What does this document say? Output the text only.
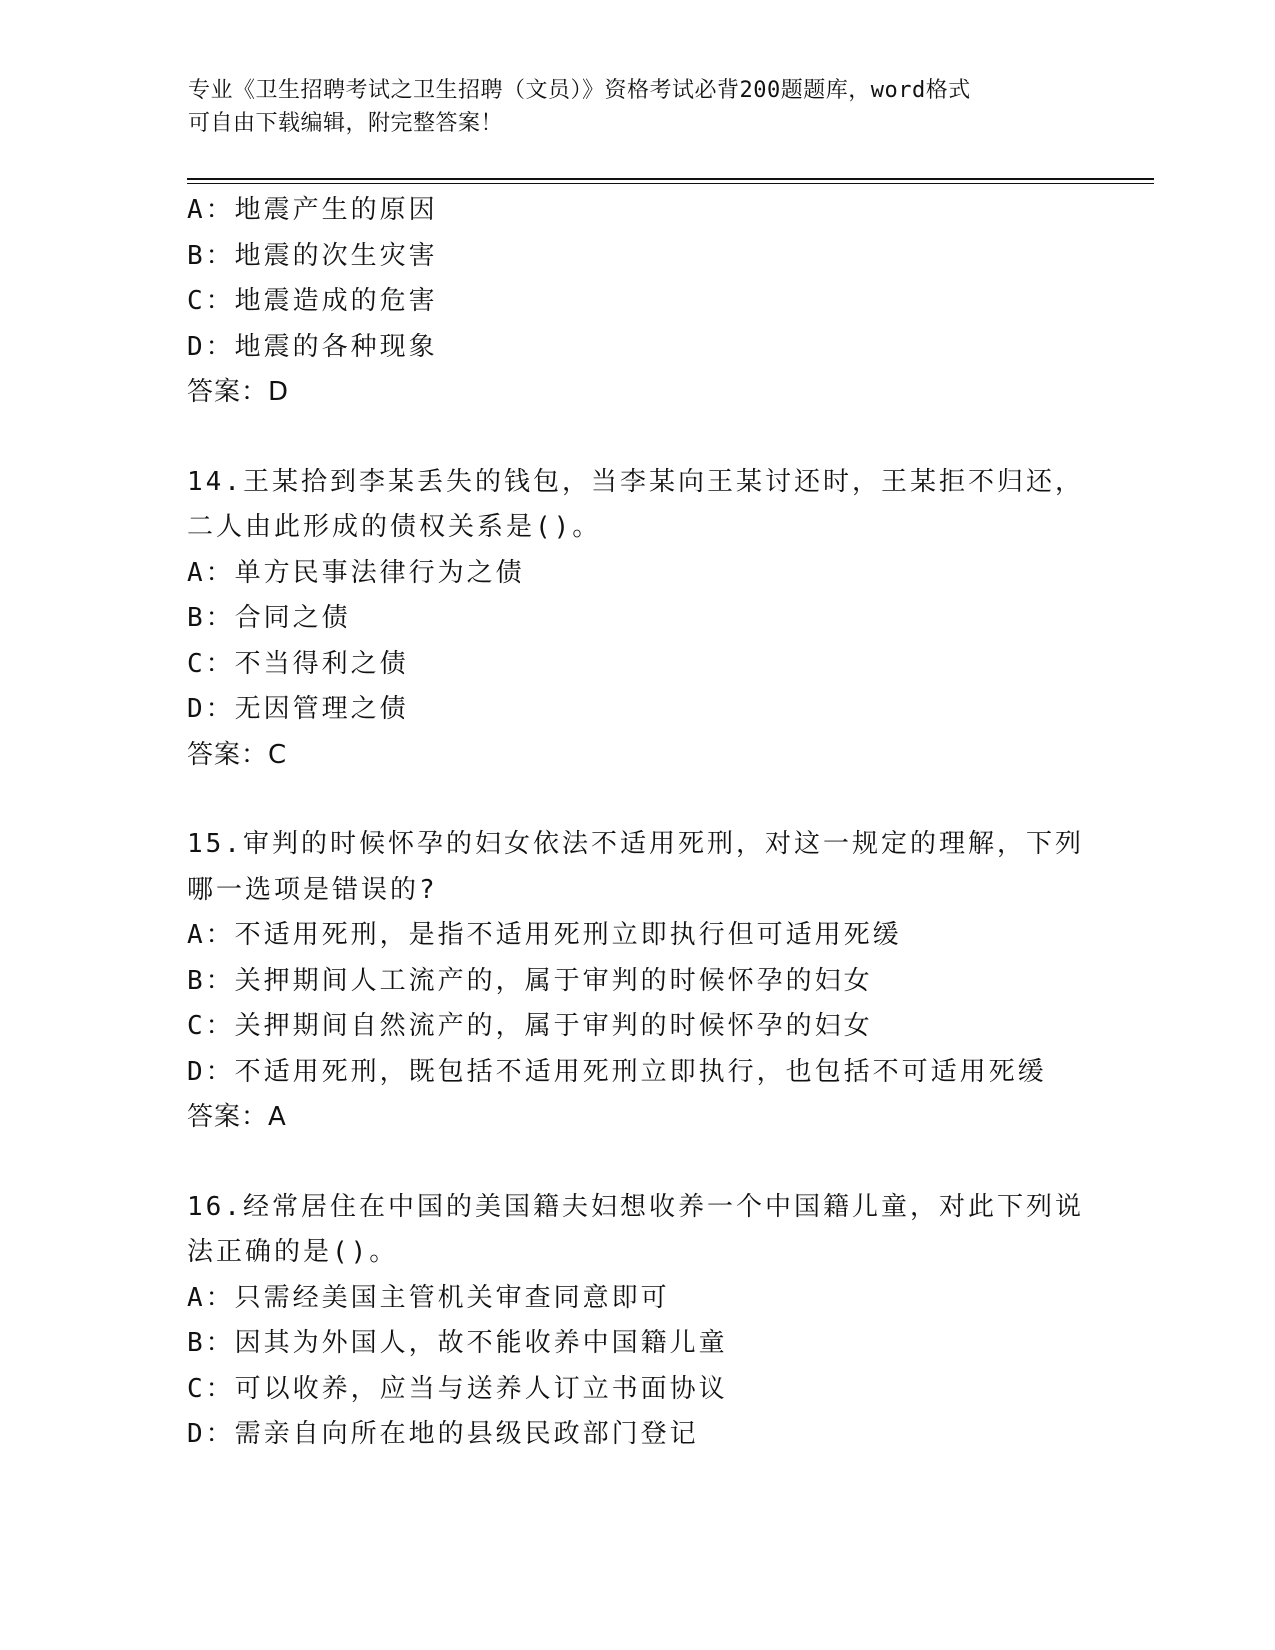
专业《卫生招聘考试之卫生招聘（文员）》资格考试必背200题题库，word格式
可自由下载编辑，附完整答案！
A：地震产生的原因
B：地震的次生灾害
C：地震造成的危害
D：地震的各种现象
答案：D
14.王某拾到李某丢失的钱包，当李某向王某讨还时，王某拒不归还，
二人由此形成的债权关系是()。
A：单方民事法律行为之债
B：合同之债
C：不当得利之债
D：无因管理之债
答案：C
15.审判的时候怀孕的妇女依法不适用死刑，对这一规定的理解，下列
哪一选项是错误的?
A：不适用死刑，是指不适用死刑立即执行但可适用死缓
B：关押期间人工流产的，属于审判的时候怀孕的妇女
C：关押期间自然流产的，属于审判的时候怀孕的妇女
D：不适用死刑，既包括不适用死刑立即执行，也包括不可适用死缓
答案：A
16.经常居住在中国的美国籍夫妇想收养一个中国籍儿童，对此下列说
法正确的是()。
A：只需经美国主管机关审查同意即可
B：因其为外国人，故不能收养中国籍儿童
C：可以收养，应当与送养人订立书面协议
D：需亲自向所在地的县级民政部门登记
